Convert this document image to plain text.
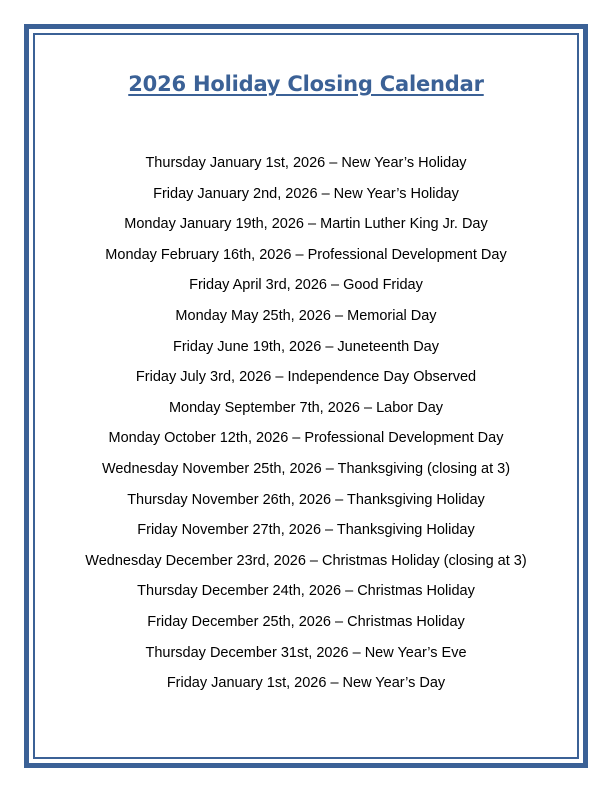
2026 Holiday Closing Calendar
Thursday January 1st, 2026 – New Year’s Holiday
Friday January 2nd, 2026 – New Year’s Holiday
Monday January 19th, 2026 – Martin Luther King Jr. Day
Monday February 16th, 2026 – Professional Development Day
Friday April 3rd, 2026 – Good Friday
Monday May 25th, 2026 – Memorial Day
Friday June 19th, 2026 – Juneteenth Day
Friday July 3rd, 2026 – Independence Day Observed
Monday September 7th, 2026 – Labor Day
Monday October 12th, 2026 – Professional Development Day
Wednesday November 25th, 2026 – Thanksgiving (closing at 3)
Thursday November 26th, 2026 – Thanksgiving Holiday
Friday November 27th, 2026 – Thanksgiving Holiday
Wednesday December 23rd, 2026 – Christmas Holiday (closing at 3)
Thursday December 24th, 2026 – Christmas Holiday
Friday December 25th, 2026 – Christmas Holiday
Thursday December 31st, 2026 – New Year’s Eve
Friday January 1st, 2026 – New Year’s Day
